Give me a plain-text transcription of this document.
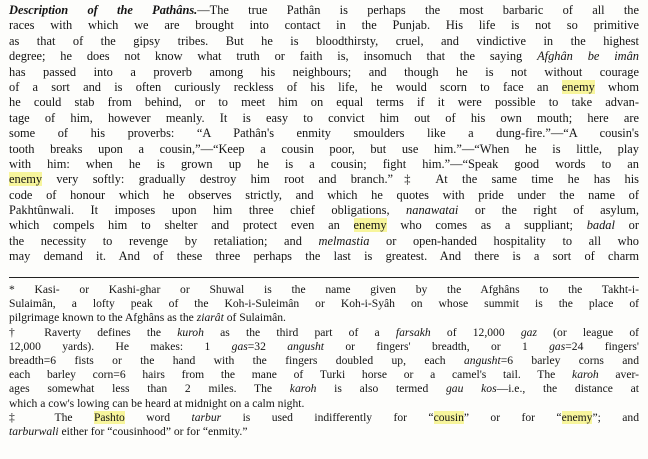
Description of the Pathâns.—The true Pathân is perhaps the most barbaric of all the
races with which we are brought into contact in the Punjab. His life is not so primitive
as that of the gipsy tribes. But he is bloodthirsty, cruel, and vindictive in the highest
degree; he does not know what truth or faith is, insomuch that the saying Afghân be imân
has passed into a proverb among his neighbours; and though he is not without courage
of a sort and is often curiously reckless of his life, he would scorn to face an enemy whom
he could stab from behind, or to meet him on equal terms if it were possible to take advan-
tage of him, however meanly. It is easy to convict him out of his own mouth; here are
some of his proverbs: “A Pathân's enmity smoulders like a dung-fire.”—“A cousin's
tooth breaks upon a cousin,”—“Keep a cousin poor, but use him.”—“When he is little, play
with him: when he is grown up he is a cousin; fight him.”—“Speak good words to an
enemy very softly: gradually destroy him root and branch.”‡ At the same time he has his
code of honour which he observes strictly, and which he quotes with pride under the name of
Pakhtûnwali. It imposes upon him three chief obligations, nanawatai or the right of asylum,
which compels him to shelter and protect even an enemy who comes as a suppliant; badal or
the necessity to revenge by retaliation; and melmastia or open-handed hospitality to all who
may demand it. And of these three perhaps the last is greatest. And there is a sort of charm
* Kasi- or Kashi-ghar or Shuwal is the name given by the Afghâns to the Takht-i-
Sulaimân, a lofty peak of the Koh-i-Suleimân or Koh-i-Syâh on whose summit is the place of
pilgrimage known to the Afghâns as the ziarât of Sulaimân.
† Raverty defines the kuroh as the third part of a farsakh of 12,000 gaz (or league of
12,000 yards). He makes: 1 gas=32 angusht or fingers' breadth, or 1 gas=24 fingers'
breadth=6 fists or the hand with the fingers doubled up, each angusht=6 barley corns and
each barley corn=6 hairs from the mane of Turki horse or a camel's tail. The karoh aver-
ages somewhat less than 2 miles. The karoh is also termed gau kos—i.e., the distance at
which a cow's lowing can be heard at midnight on a calm night.
‡ The Pashto word tarbur is used indifferently for “cousin” or for “enemy”; and
tarburwali either for “cousinhood” or for “enmity.”
